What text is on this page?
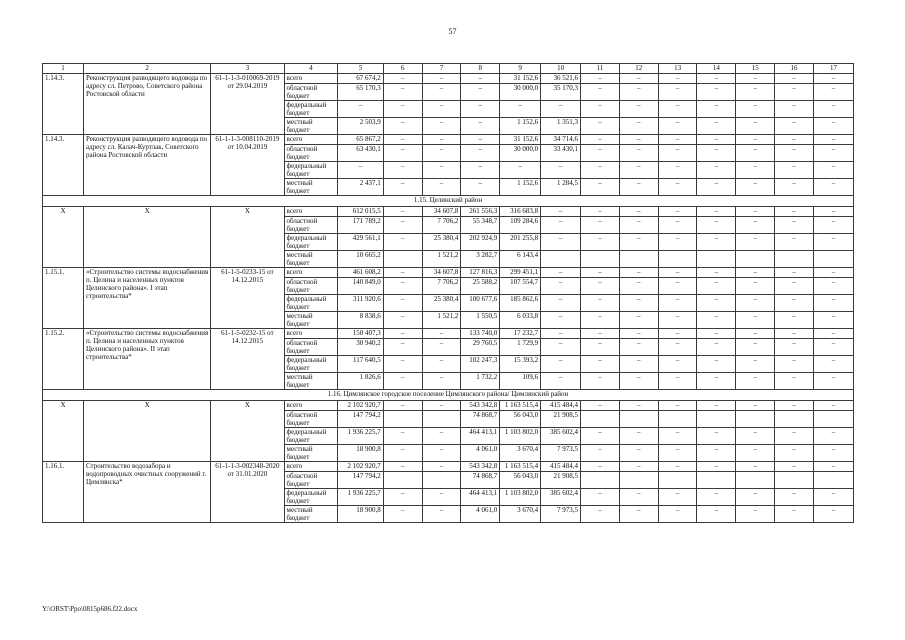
57
1	2	3	4	5	6	7	8	9	10	11	12	13	14	15	16	17
1.14.3.	Реконструкция разводящего водовода по адресу сл. Петрово, Советского района Ростовской области	61-1-1-3-010069-2019 от 29.04.2019	всего	67 674,2	–	–	–	31 152,6	36 521,6	–	–	–	–	–	–	–
			областной бюджет	65 170,3	–	–	–	30 000,0	35 170,3	–	–	–	–	–	–	–
			федеральный бюджет	–	–	–	–	–	–	–	–	–	–	–	–	–
			местный бюджет	2 503,9	–	–	–	1 152,6	1 351,3	–	–	–	–	–	–	–
1.14.3.	Реконструкция разводящего водовода по адресу сл. Калач-Куртлак, Советского района Ростовской области	61-1-1-3-008110-2019 от 10.04.2019	всего	65 867,2	–	–	–	31 152,6	34 714,6	–	–	–	–	–	–	–
			областной бюджет	63 430,1	–	–	–	30 000,0	33 430,1	–	–	–	–	–	–	–
			федеральный бюджет	–	–	–	–	–	–	–	–	–	–	–	–	–
			местный бюджет	2 437,1	–	–	–	1 152,6	1 284,5	–	–	–	–	–	–	–
1.15. Целинский район																
Х	Х	Х	всего	612 015,5	–	34 607,8	261 556,3	316 683,8	–	–	–	–	–	–	–	–
			областной бюджет	171 789,2	–	7 706,2	55 348,7	109 284,6	–	–	–	–	–	–	–	–
			федеральный бюджет	429 561,1	–	25 380,4	202 924,9	201 255,8	–	–	–	–	–	–	–	–
			местный бюджет	10 665,2		1 521,2	3 282,7	6 143,4								
1.15.1.	«Строительство системы водоснабжения п. Целина и населенных пунктов Целинского района». I этап строительства*	61-1-5-0233-15 от 14.12.2015	всего	461 608,2	–	34 607,8	127 816,3	299 451,1	–	–	–	–	–	–	–	–
			областной бюджет	140 849,0	–	7 706,2	25 588,2	107 554,7	–	–	–	–	–	–	–	–
			федеральный бюджет	311 920,6	–	25 380,4	100 677,6	185 862,6	–	–	–	–	–	–	–	–
			местный бюджет	8 838,6	–	1 521,2	1 550,5	6 033,8	–	–	–	–	–	–	–	–
1.15.2.	«Строительство системы водоснабжения п. Целина и населенных пунктов Целинского района». II этап строительства*	61-1-5-0232-15 от 14.12.2015	всего	150 407,3	–	–	133 740,0	17 232,7	–	–	–	–	–	–	–	–
			областной бюджет	30 940,2	–	–	29 760,5	1 729,9	–	–	–	–	–	–	–	–
			федеральный бюджет	117 640,5	–	–	102 247,3	15 393,2	–	–	–	–	–	–	–	–
			местный бюджет	1 826,6	–	–	1 732,2	109,6	–	–	–	–	–	–	–	–
1.16. Цимлянское городское поселение Цимлянского района/ Цимлянский район																
Х	Х	Х	всего	2 102 920,7	–	–	543 342,8	1 163 515,4	415 484,4	–	–	–	–	–	–	–
			областной бюджет	147 794,2			74 868,7	56 043,0	21 908,5							
			федеральный бюджет	1 936 225,7	–	–	464 413,1	1 103 802,0	385 602,4	–	–	–	–	–	–	–
			местный бюджет	18 900,8	–	–	4 061,0	3 670,4	7 973,5	–	–	–	–	–	–	–
1.16.1.	Строительство водозабора и водопроводных очистных сооружений г. Цимлянска*	61-1-1-3-002348-2020 от 31.01.2020	всего	2 102 920,7	–	–	543 342,8	1 163 515,4	415 484,4	–	–	–	–	–	–	–
			областной бюджет	147 794,2			74 868,7	56 043,0	21 908,5							
			федеральный бюджет	1 936 225,7	–	–	464 413,1	1 103 802,0	385 602,4	–	–	–	–	–	–	–
			местный бюджет	18 900,8	–	–	4 061,0	3 670,4	7 973,5	–	–	–	–	–	–	–
Y:\ORST\Ppo\0815p686.f22.docx
